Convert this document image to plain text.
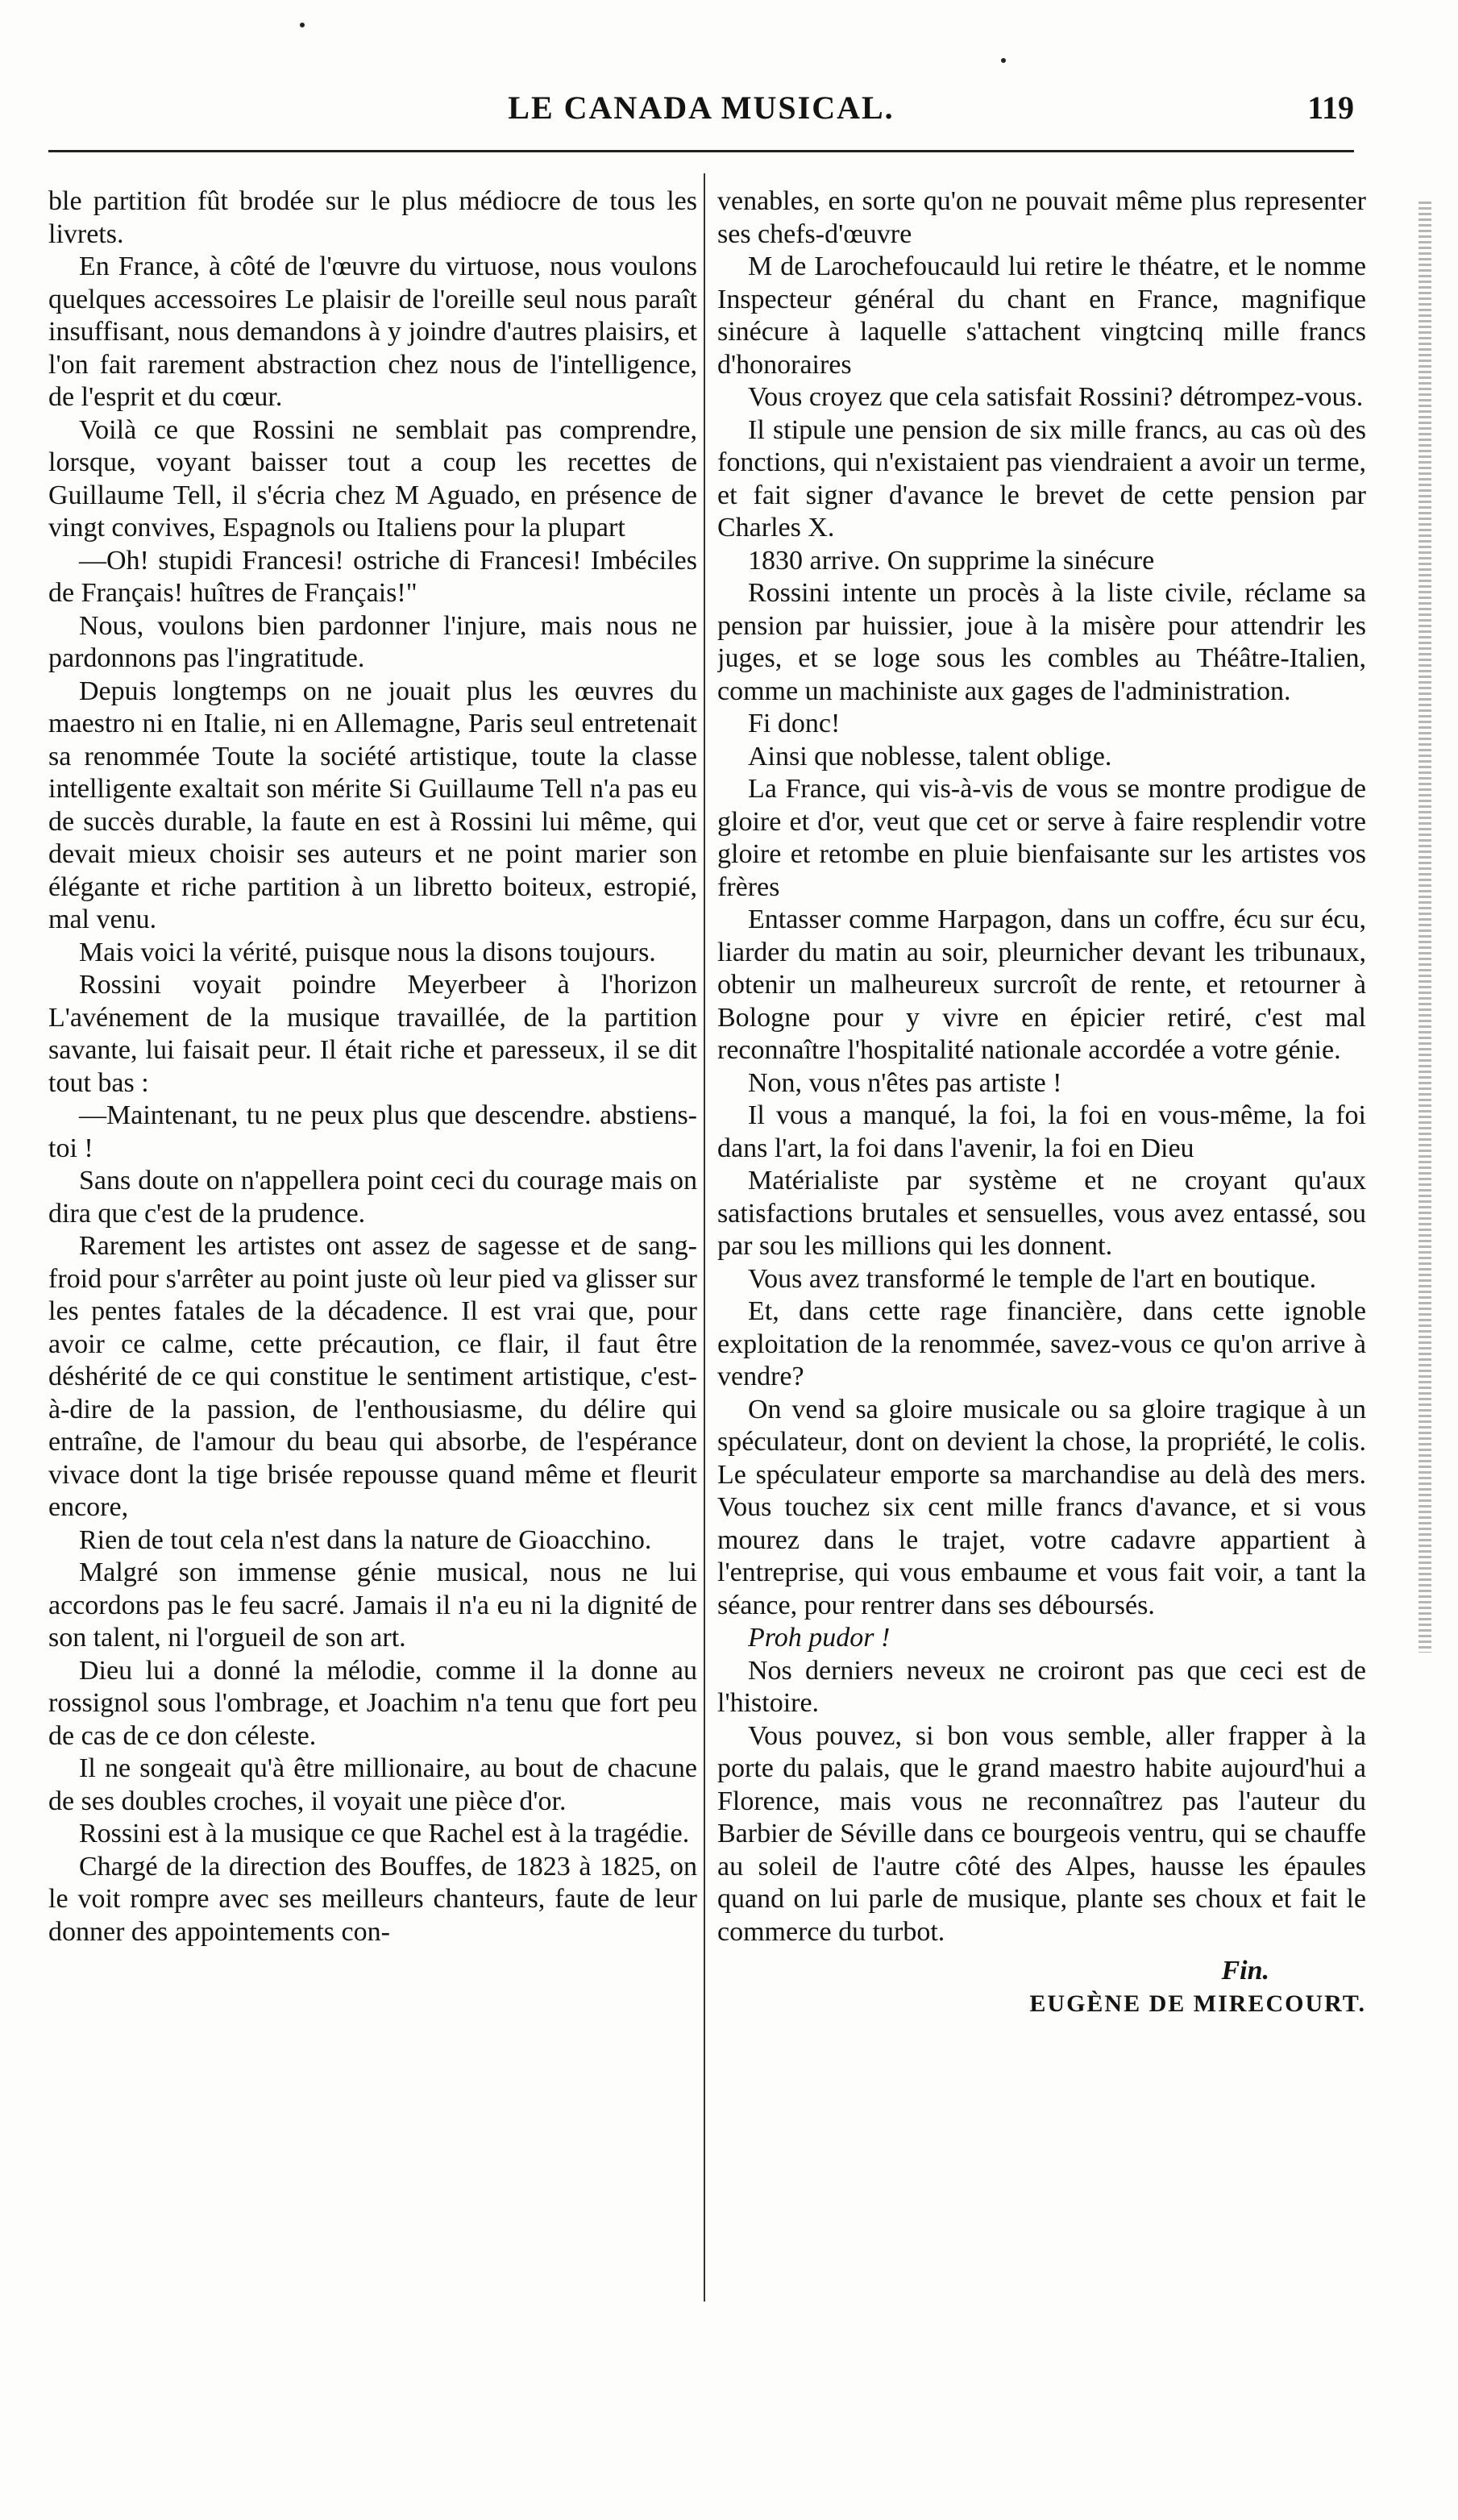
LE CANADA MUSICAL.	119

ble partition fût brodée sur le plus médiocre de tous les livrets.

En France, à côté de l'œuvre du virtuose, nous voulons quelques accessoires Le plaisir de l'oreille seul nous paraît insuffisant, nous demandons à y joindre d'autres plaisirs, et l'on fait rarement abstraction chez nous de l'intelligence, de l'esprit et du cœur.

Voilà ce que Rossini ne semblait pas comprendre, lorsque, voyant baisser tout a coup les recettes de Guillaume Tell, il s'écria chez M Aguado, en présence de vingt convives, Espagnols ou Italiens pour la plupart

—Oh! stupidi Francesi! ostriche di Francesi! Imbéciles de Français! huîtres de Français!"

Nous, voulons bien pardonner l'injure, mais nous ne pardonnons pas l'ingratitude.

Depuis longtemps on ne jouait plus les œuvres du maestro ni en Italie, ni en Allemagne, Paris seul entretenait sa renommée Toute la société artistique, toute la classe intelligente exaltait son mérite Si Guillaume Tell n'a pas eu de succès durable, la faute en est à Rossini lui même, qui devait mieux choisir ses auteurs et ne point marier son élégante et riche partition à un libretto boiteux, estropié, mal venu.

Mais voici la vérité, puisque nous la disons toujours.

Rossini voyait poindre Meyerbeer à l'horizon L'avénement de la musique travaillée, de la partition savante, lui faisait peur. Il était riche et paresseux, il se dit tout bas :

—Maintenant, tu ne peux plus que descendre. abstiens-toi !

Sans doute on n'appellera point ceci du courage mais on dira que c'est de la prudence.

Rarement les artistes ont assez de sagesse et de sang-froid pour s'arrêter au point juste où leur pied va glisser sur les pentes fatales de la décadence. Il est vrai que, pour avoir ce calme, cette précaution, ce flair, il faut être déshérité de ce qui constitue le sentiment artistique, c'est-à-dire de la passion, de l'enthousiasme, du délire qui entraîne, de l'amour du beau qui absorbe, de l'espérance vivace dont la tige brisée repousse quand même et fleurit encore,

Rien de tout cela n'est dans la nature de Gioacchino.

Malgré son immense génie musical, nous ne lui accordons pas le feu sacré. Jamais il n'a eu ni la dignité de son talent, ni l'orgueil de son art.

Dieu lui a donné la mélodie, comme il la donne au rossignol sous l'ombrage, et Joachim n'a tenu que fort peu de cas de ce don céleste.

Il ne songeait qu'à être millionaire, au bout de chacune de ses doubles croches, il voyait une pièce d'or.

Rossini est à la musique ce que Rachel est à la tragédie.

Chargé de la direction des Bouffes, de 1823 à 1825, on le voit rompre avec ses meilleurs chanteurs, faute de leur donner des appointements con-

venables, en sorte qu'on ne pouvait même plus representer ses chefs-d'œuvre

M de Larochefoucauld lui retire le théatre, et le nomme Inspecteur général du chant en France, magnifique sinécure à laquelle s'attachent vingtcinq mille francs d'honoraires

Vous croyez que cela satisfait Rossini? détrompez-vous.

Il stipule une pension de six mille francs, au cas où des fonctions, qui n'existaient pas viendraient a avoir un terme, et fait signer d'avance le brevet de cette pension par Charles X.

1830 arrive. On supprime la sinécure

Rossini intente un procès à la liste civile, réclame sa pension par huissier, joue à la misère pour attendrir les juges, et se loge sous les combles au Théâtre-Italien, comme un machiniste aux gages de l'administration.

Fi donc!

Ainsi que noblesse, talent oblige.

La France, qui vis-à-vis de vous se montre prodigue de gloire et d'or, veut que cet or serve à faire resplendir votre gloire et retombe en pluie bienfaisante sur les artistes vos frères

Entasser comme Harpagon, dans un coffre, écu sur écu, liarder du matin au soir, pleurnicher devant les tribunaux, obtenir un malheureux surcroît de rente, et retourner à Bologne pour y vivre en épicier retiré, c'est mal reconnaître l'hospitalité nationale accordée a votre génie.

Non, vous n'êtes pas artiste !

Il vous a manqué, la foi, la foi en vous-même, la foi dans l'art, la foi dans l'avenir, la foi en Dieu

Matérialiste par système et ne croyant qu'aux satisfactions brutales et sensuelles, vous avez entassé, sou par sou les millions qui les donnent.

Vous avez transformé le temple de l'art en boutique.

Et, dans cette rage financière, dans cette ignoble exploitation de la renommée, savez-vous ce qu'on arrive à vendre?

On vend sa gloire musicale ou sa gloire tragique à un spéculateur, dont on devient la chose, la propriété, le colis. Le spéculateur emporte sa marchandise au delà des mers. Vous touchez six cent mille francs d'avance, et si vous mourez dans le trajet, votre cadavre appartient à l'entreprise, qui vous embaume et vous fait voir, a tant la séance, pour rentrer dans ses déboursés.

Proh pudor !

Nos derniers neveux ne croiront pas que ceci est de l'histoire.

Vous pouvez, si bon vous semble, aller frapper à la porte du palais, que le grand maestro habite aujourd'hui a Florence, mais vous ne reconnaîtrez pas l'auteur du Barbier de Séville dans ce bourgeois ventru, qui se chauffe au soleil de l'autre côté des Alpes, hausse les épaules quand on lui parle de musique, plante ses choux et fait le commerce du turbot.

Fin.

EUGÈNE DE MIRECOURT.
